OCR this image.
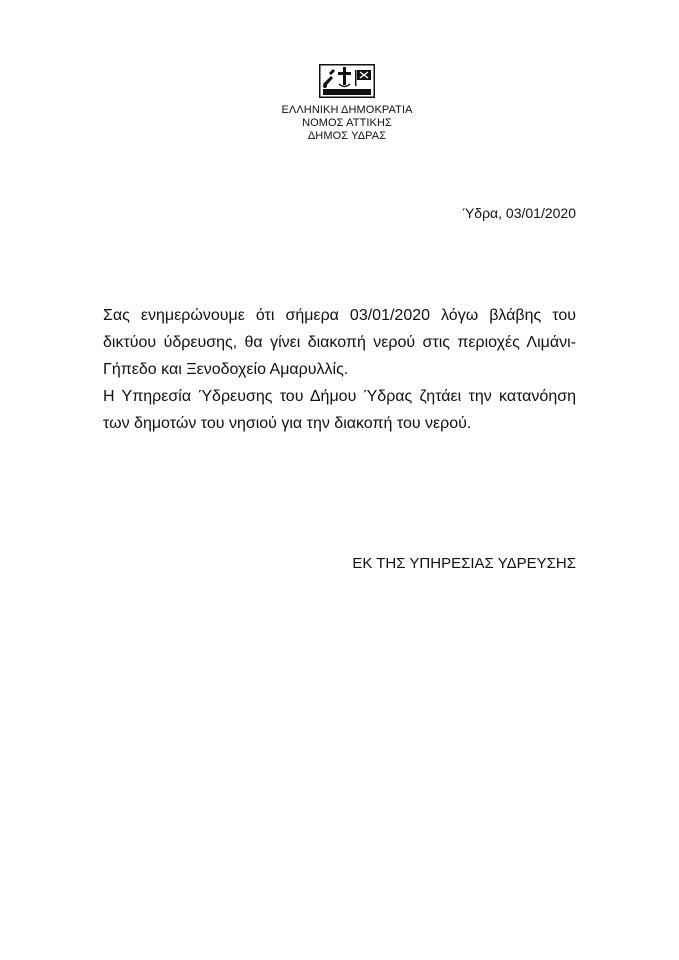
ΕΛΛΗΝΙΚΗ ΔΗΜΟΚΡΑΤΙΑ
ΝΟΜΟΣ ΑΤΤΙΚΗΣ
ΔΗΜΟΣ ΥΔΡΑΣ
Ύδρα, 03/01/2020

Σας ενημερώνουμε ότι σήμερα 03/01/2020 λόγω βλάβης του δικτύου ύδρευσης, θα γίνει διακοπή νερού στις περιοχές Λιμάνι-Γήπεδο και Ξενοδοχείο Αμαρυλλίς.

Η Υπηρεσία Ύδρευσης του Δήμου Ύδρας ζητάει την κατανόηση των δημοτών του νησιού για την διακοπή του νερού.

ΕΚ ΤΗΣ ΥΠΗΡΕΣΙΑΣ ΥΔΡΕΥΣΗΣ
